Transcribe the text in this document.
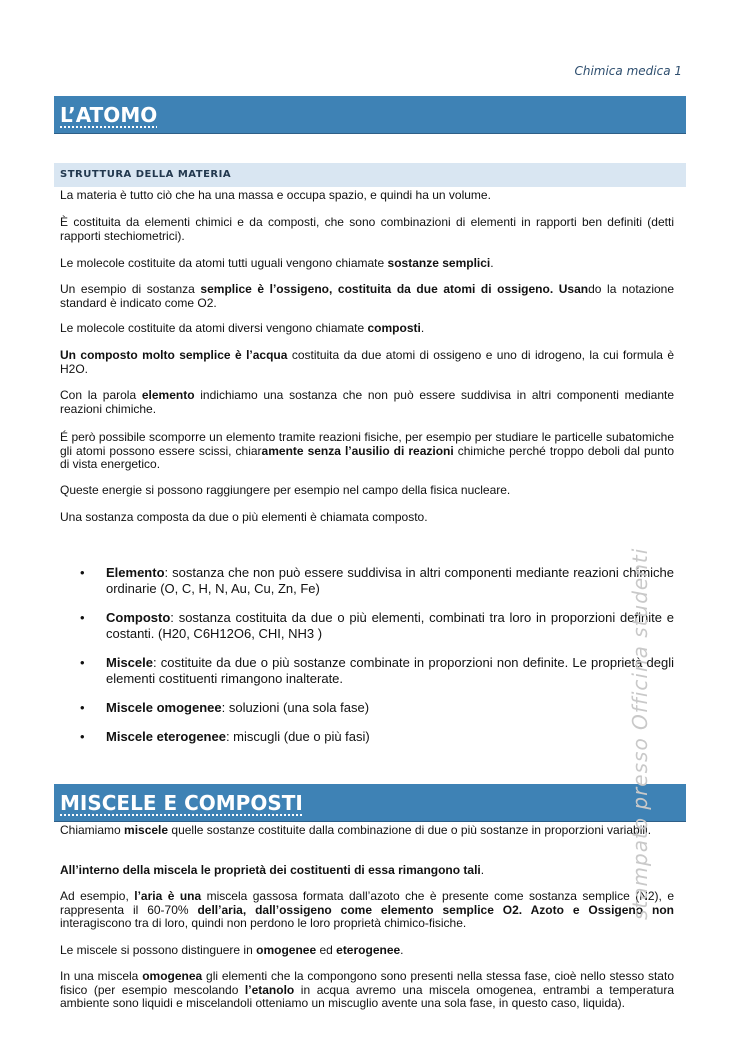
Chimica medica 1
L’ATOMO
STRUTTURA DELLA MATERIA

La materia è tutto ciò che ha una massa e occupa spazio, e quindi ha un volume.

È costituita da elementi chimici e da composti, che sono combinazioni di elementi in rapporti ben definiti (detti rapporti stechiometrici).

Le molecole costituite da atomi tutti uguali vengono chiamate sostanze semplici.

Un esempio di sostanza semplice è l’ossigeno, costituita da due atomi di ossigeno. Usando la notazione standard è indicato come O2.

Le molecole costituite da atomi diversi vengono chiamate composti.

Un composto molto semplice è l’acqua costituita da due atomi di ossigeno e uno di idrogeno, la cui formula è H2O.

Con la parola elemento indichiamo una sostanza che non può essere suddivisa in altri componenti mediante reazioni chimiche.

É però possibile scomporre un elemento tramite reazioni fisiche, per esempio per studiare le particelle subatomiche gli atomi possono essere scissi, chiaramente senza l’ausilio di reazioni chimiche perché troppo deboli dal punto di vista energetico.

Queste energie si possono raggiungere per esempio nel campo della fisica nucleare.

Una sostanza composta da due o più elementi è chiamata composto.

• Elemento: sostanza che non può essere suddivisa in altri componenti mediante reazioni chimiche ordinarie (O, C, H, N, Au, Cu, Zn, Fe)
• Composto: sostanza costituita da due o più elementi, combinati tra loro in proporzioni definite e costanti. (H20, C6H12O6, CHI, NH3 )
• Miscele: costituite da due o più sostanze combinate in proporzioni non definite. Le proprietà degli elementi costituenti rimangono inalterate.
• Miscele omogenee: soluzioni (una sola fase)
• Miscele eterogenee: miscugli (due o più fasi)
MISCELE E COMPOSTI

Chiamiamo miscele quelle sostanze costituite dalla combinazione di due o più sostanze in proporzioni variabili.

All’interno della miscela le proprietà dei costituenti di essa rimangono tali.

Ad esempio, l’aria è una miscela gassosa formata dall’azoto che è presente come sostanza semplice (N2), e rappresenta il 60-70% dell’aria, dall’ossigeno come elemento semplice O2. Azoto e Ossigeno non interagiscono tra di loro, quindi non perdono le loro proprietà chimico-fisiche.

Le miscele si possono distinguere in omogenee ed eterogenee.

In una miscela omogenea gli elementi che la compongono sono presenti nella stessa fase, cioè nello stesso stato fisico (per esempio mescolando l’etanolo in acqua avremo una miscela omogenea, entrambi a temperatura ambiente sono liquidi e miscelandoli otteniamo un miscuglio avente una sola fase, in questo caso, liquida).

stampato presso Officina studenti
